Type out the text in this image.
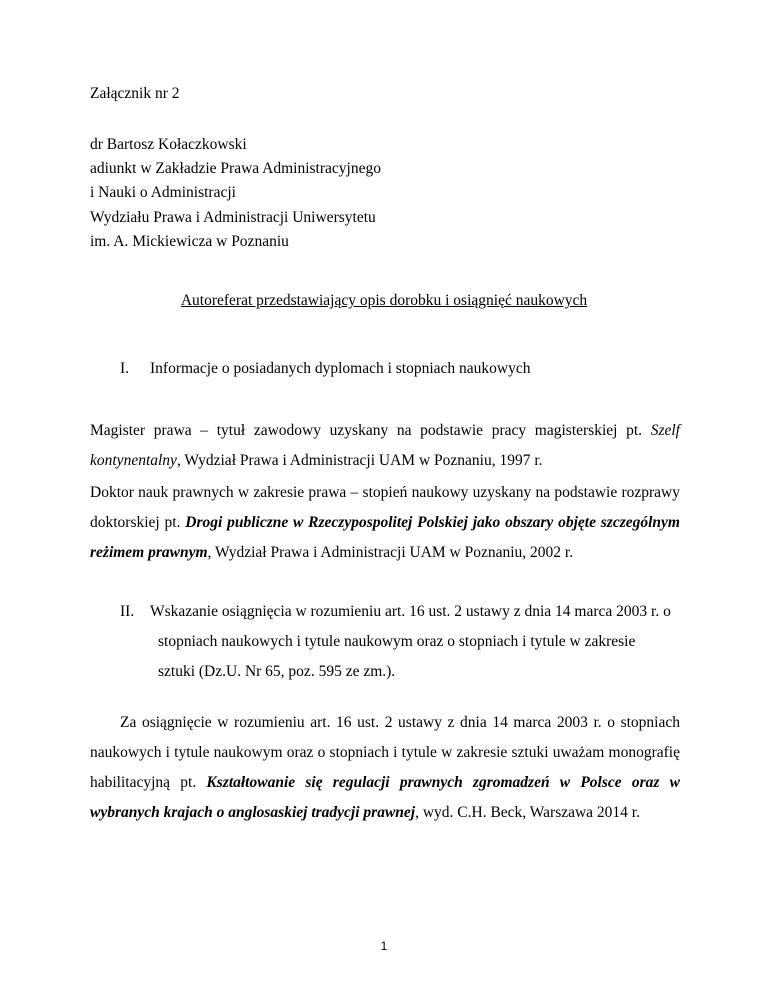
Załącznik nr 2
dr Bartosz Kołaczkowski
adiunkt w Zakładzie Prawa Administracyjnego
i Nauki o Administracji
Wydziału Prawa i Administracji Uniwersytetu
im. A. Mickiewicza w Poznaniu
Autoreferat przedstawiający opis dorobku i osiągnięć naukowych
I. Informacje o posiadanych dyplomach i stopniach naukowych
Magister prawa – tytuł zawodowy uzyskany na podstawie pracy magisterskiej pt. Szelf kontynentalny, Wydział Prawa i Administracji UAM w Poznaniu, 1997 r.
Doktor nauk prawnych w zakresie prawa – stopień naukowy uzyskany na podstawie rozprawy doktorskiej pt. Drogi publiczne w Rzeczypospolitej Polskiej jako obszary objęte szczególnym reżimem prawnym, Wydział Prawa i Administracji UAM w Poznaniu, 2002 r.
II. Wskazanie osiągnięcia w rozumieniu art. 16 ust. 2 ustawy z dnia 14 marca 2003 r. o
stopniach naukowych i tytule naukowym oraz o stopniach i tytule w zakresie
sztuki (Dz.U. Nr 65, poz. 595 ze zm.).
Za osiągnięcie w rozumieniu art. 16 ust. 2 ustawy z dnia 14 marca 2003 r. o stopniach naukowych i tytule naukowym oraz o stopniach i tytule w zakresie sztuki uważam monografię habilitacyjną pt. Kształtowanie się regulacji prawnych zgromadzeń w Polsce oraz w wybranych krajach o anglosaskiej tradycji prawnej, wyd. C.H. Beck, Warszawa 2014 r.
1
